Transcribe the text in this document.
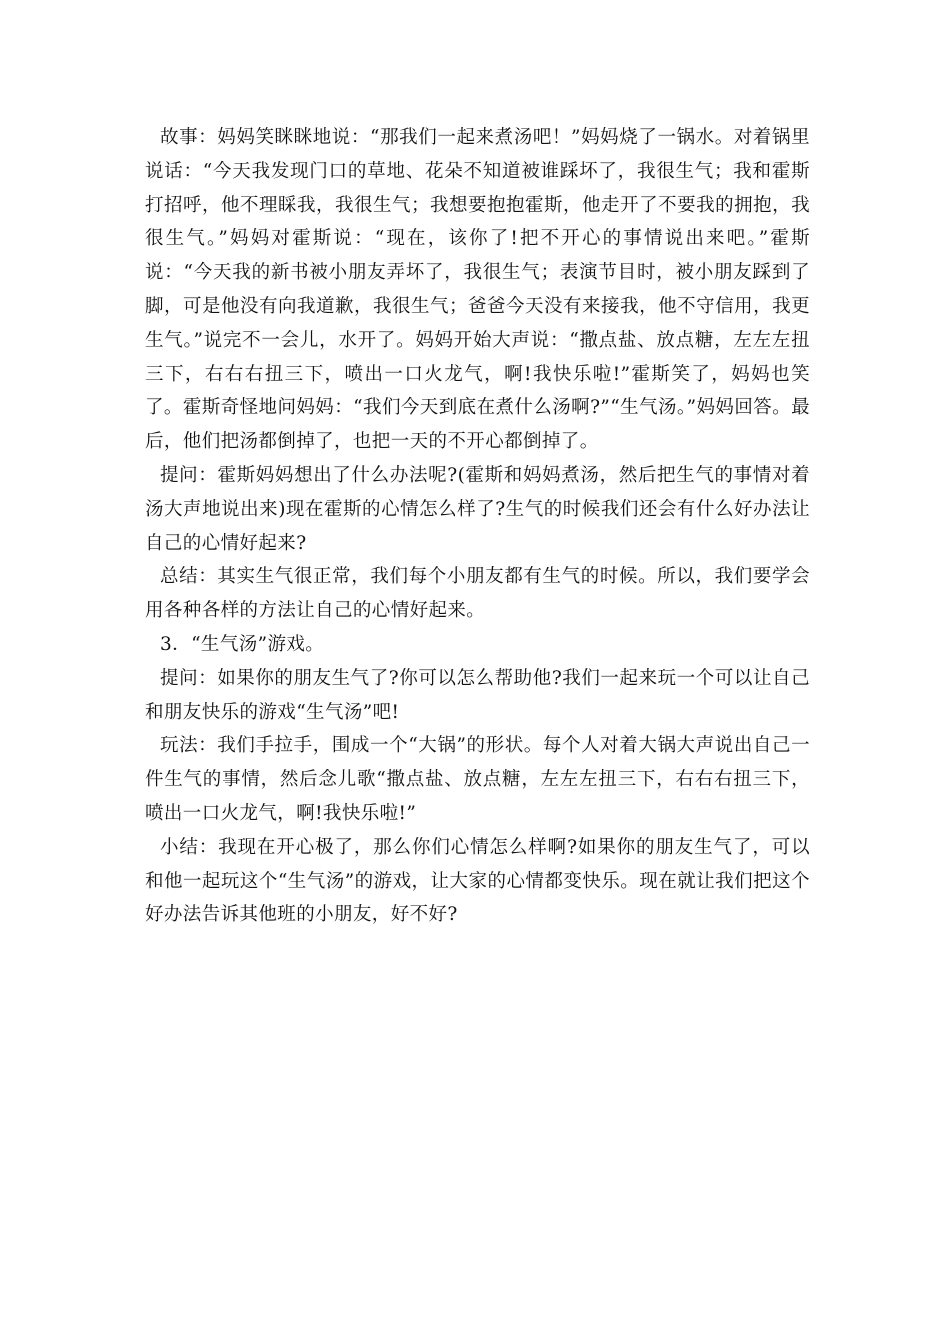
故事：妈妈笑眯眯地说：“那我们一起来煮汤吧！”妈妈烧了一锅水。对着锅里说话：“今天我发现门口的草地、花朵不知道被谁踩坏了，我很生气；我和霍斯打招呼，他不理睬我，我很生气；我想要抱抱霍斯，他走开了不要我的拥抱，我很生气。”妈妈对霍斯说：“现在，该你了!把不开心的事情说出来吧。”霍斯说：“今天我的新书被小朋友弄坏了，我很生气；表演节目时，被小朋友踩到了脚，可是他没有向我道歉，我很生气；爸爸今天没有来接我，他不守信用，我更生气。”说完不一会儿，水开了。妈妈开始大声说：“撒点盐、放点糖，左左左扭三下，右右右扭三下，喷出一口火龙气，啊!我快乐啦!”霍斯笑了，妈妈也笑了。霍斯奇怪地问妈妈：“我们今天到底在煮什么汤啊?”“生气汤。”妈妈回答。最后，他们把汤都倒掉了，也把一天的不开心都倒掉了。

提问：霍斯妈妈想出了什么办法呢?(霍斯和妈妈煮汤，然后把生气的事情对着汤大声地说出来)现在霍斯的心情怎么样了?生气的时候我们还会有什么好办法让自己的心情好起来?

总结：其实生气很正常，我们每个小朋友都有生气的时候。所以，我们要学会用各种各样的方法让自己的心情好起来。

3．“生气汤”游戏。

提问：如果你的朋友生气了?你可以怎么帮助他?我们一起来玩一个可以让自己和朋友快乐的游戏“生气汤”吧!

玩法：我们手拉手，围成一个“大锅”的形状。每个人对着大锅大声说出自己一件生气的事情，然后念儿歌“撒点盐、放点糖，左左左扭三下，右右右扭三下，喷出一口火龙气，啊!我快乐啦!”

小结：我现在开心极了，那么你们心情怎么样啊?如果你的朋友生气了，可以和他一起玩这个“生气汤”的游戏，让大家的心情都变快乐。现在就让我们把这个好办法告诉其他班的小朋友，好不好?
